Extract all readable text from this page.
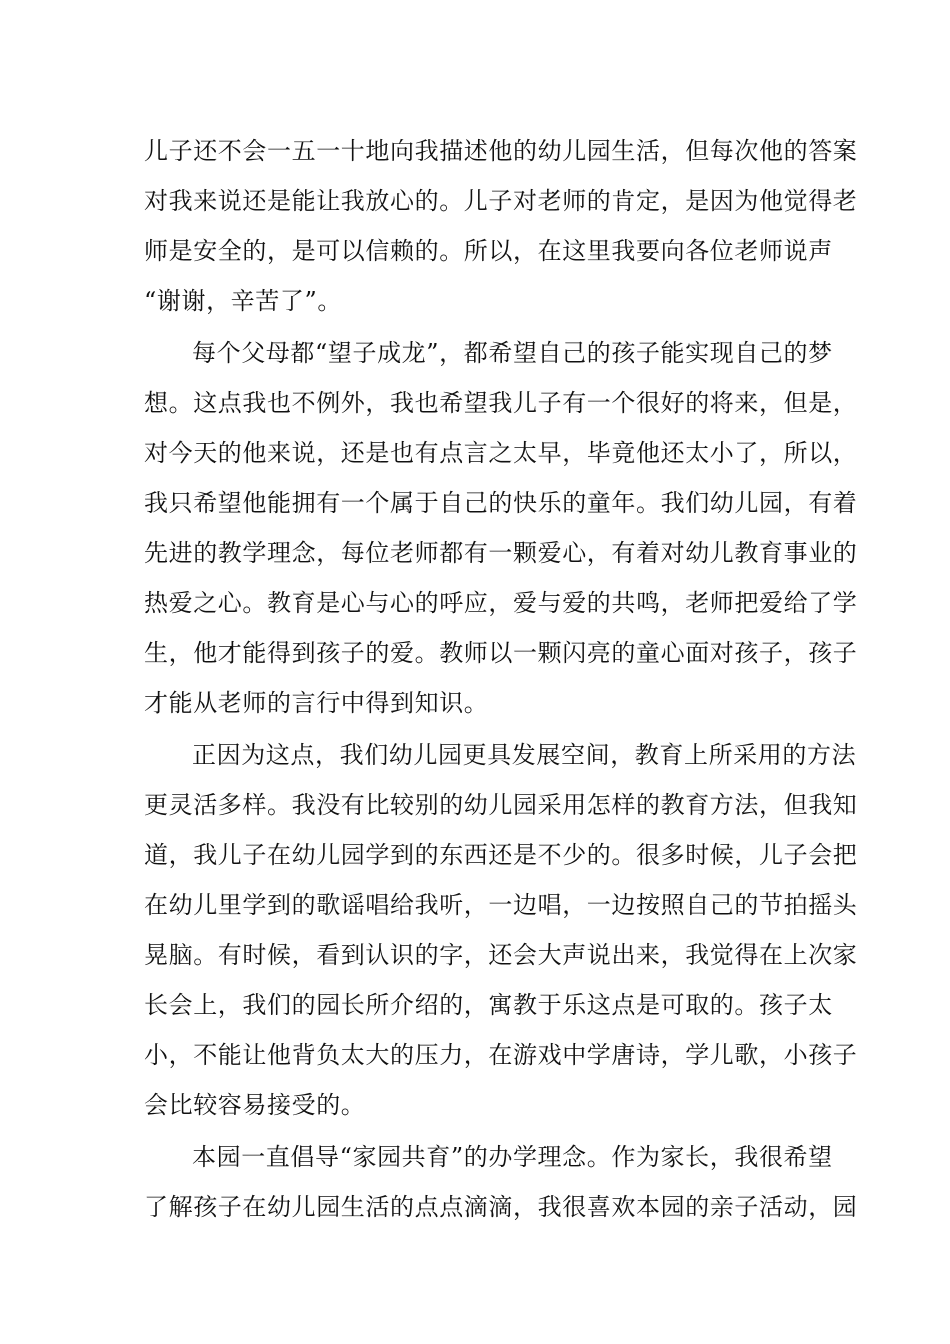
儿子还不会一五一十地向我描述他的幼儿园生活，但每次他的答案
对我来说还是能让我放心的。儿子对老师的肯定，是因为他觉得老
师是安全的，是可以信赖的。所以，在这里我要向各位老师说声
“谢谢，辛苦了”。
每个父母都“望子成龙”，都希望自己的孩子能实现自己的梦
想。这点我也不例外，我也希望我儿子有一个很好的将来，但是，
对今天的他来说，还是也有点言之太早，毕竟他还太小了，所以，
我只希望他能拥有一个属于自己的快乐的童年。我们幼儿园，有着
先进的教学理念，每位老师都有一颗爱心，有着对幼儿教育事业的
热爱之心。教育是心与心的呼应，爱与爱的共鸣，老师把爱给了学
生，他才能得到孩子的爱。教师以一颗闪亮的童心面对孩子，孩子
才能从老师的言行中得到知识。
正因为这点，我们幼儿园更具发展空间，教育上所采用的方法
更灵活多样。我没有比较别的幼儿园采用怎样的教育方法，但我知
道，我儿子在幼儿园学到的东西还是不少的。很多时候，儿子会把
在幼儿里学到的歌谣唱给我听，一边唱，一边按照自己的节拍摇头
晃脑。有时候，看到认识的字，还会大声说出来，我觉得在上次家
长会上，我们的园长所介绍的，寓教于乐这点是可取的。孩子太
小，不能让他背负太大的压力，在游戏中学唐诗，学儿歌，小孩子
会比较容易接受的。
本园一直倡导“家园共育”的办学理念。作为家长，我很希望
了解孩子在幼儿园生活的点点滴滴，我很喜欢本园的亲子活动，园
